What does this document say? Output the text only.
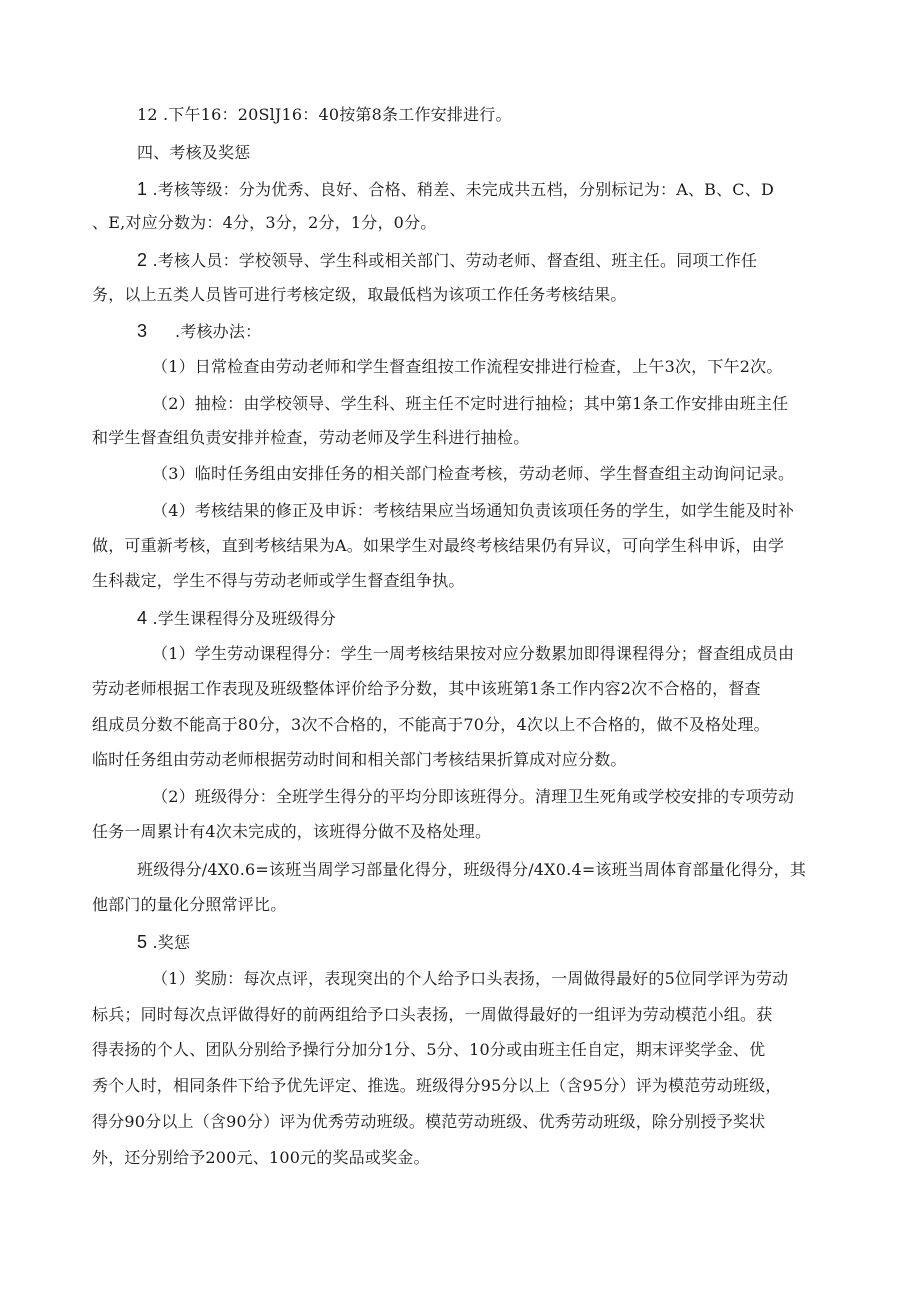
12 .下午16：20SlJ16：40按第8条工作安排进行。
四、考核及奖惩
1 .考核等级：分为优秀、良好、合格、稍差、未完成共五档，分别标记为：A、B、C、D
、E,对应分数为：4分，3分，2分，1分，0分。
2 .考核人员：学校领导、学生科或相关部门、劳动老师、督查组、班主任。同项工作任
务，以上五类人员皆可进行考核定级，取最低档为该项工作任务考核结果。
3 .考核办法：
（1）日常检查由劳动老师和学生督查组按工作流程安排进行检查，上午3次，下午2次。
（2）抽检：由学校领导、学生科、班主任不定时进行抽检；其中第1条工作安排由班主任
和学生督查组负责安排并检查，劳动老师及学生科进行抽检。
（3）临时任务组由安排任务的相关部门检查考核，劳动老师、学生督查组主动询问记录。
（4）考核结果的修正及申诉：考核结果应当场通知负责该项任务的学生，如学生能及时补
做，可重新考核，直到考核结果为A。如果学生对最终考核结果仍有异议，可向学生科申诉，由学
生科裁定，学生不得与劳动老师或学生督查组争执。
4 .学生课程得分及班级得分
（1）学生劳动课程得分：学生一周考核结果按对应分数累加即得课程得分；督查组成员由
劳动老师根据工作表现及班级整体评价给予分数，其中该班第1条工作内容2次不合格的，督查
组成员分数不能高于80分，3次不合格的，不能高于70分，4次以上不合格的，做不及格处理。
临时任务组由劳动老师根据劳动时间和相关部门考核结果折算成对应分数。
（2）班级得分：全班学生得分的平均分即该班得分。清理卫生死角或学校安排的专项劳动
任务一周累计有4次未完成的，该班得分做不及格处理。
班级得分/4X0.6=该班当周学习部量化得分，班级得分/4X0.4=该班当周体育部量化得分，其
他部门的量化分照常评比。
5 .奖惩
（1）奖励：每次点评，表现突出的个人给予口头表扬，一周做得最好的5位同学评为劳动
标兵；同时每次点评做得好的前两组给予口头表扬，一周做得最好的一组评为劳动模范小组。获
得表扬的个人、团队分别给予操行分加分1分、5分、10分或由班主任自定，期末评奖学金、优
秀个人时，相同条件下给予优先评定、推选。班级得分95分以上（含95分）评为模范劳动班级，
得分90分以上（含90分）评为优秀劳动班级。模范劳动班级、优秀劳动班级，除分别授予奖状
外，还分别给予200元、100元的奖品或奖金。
